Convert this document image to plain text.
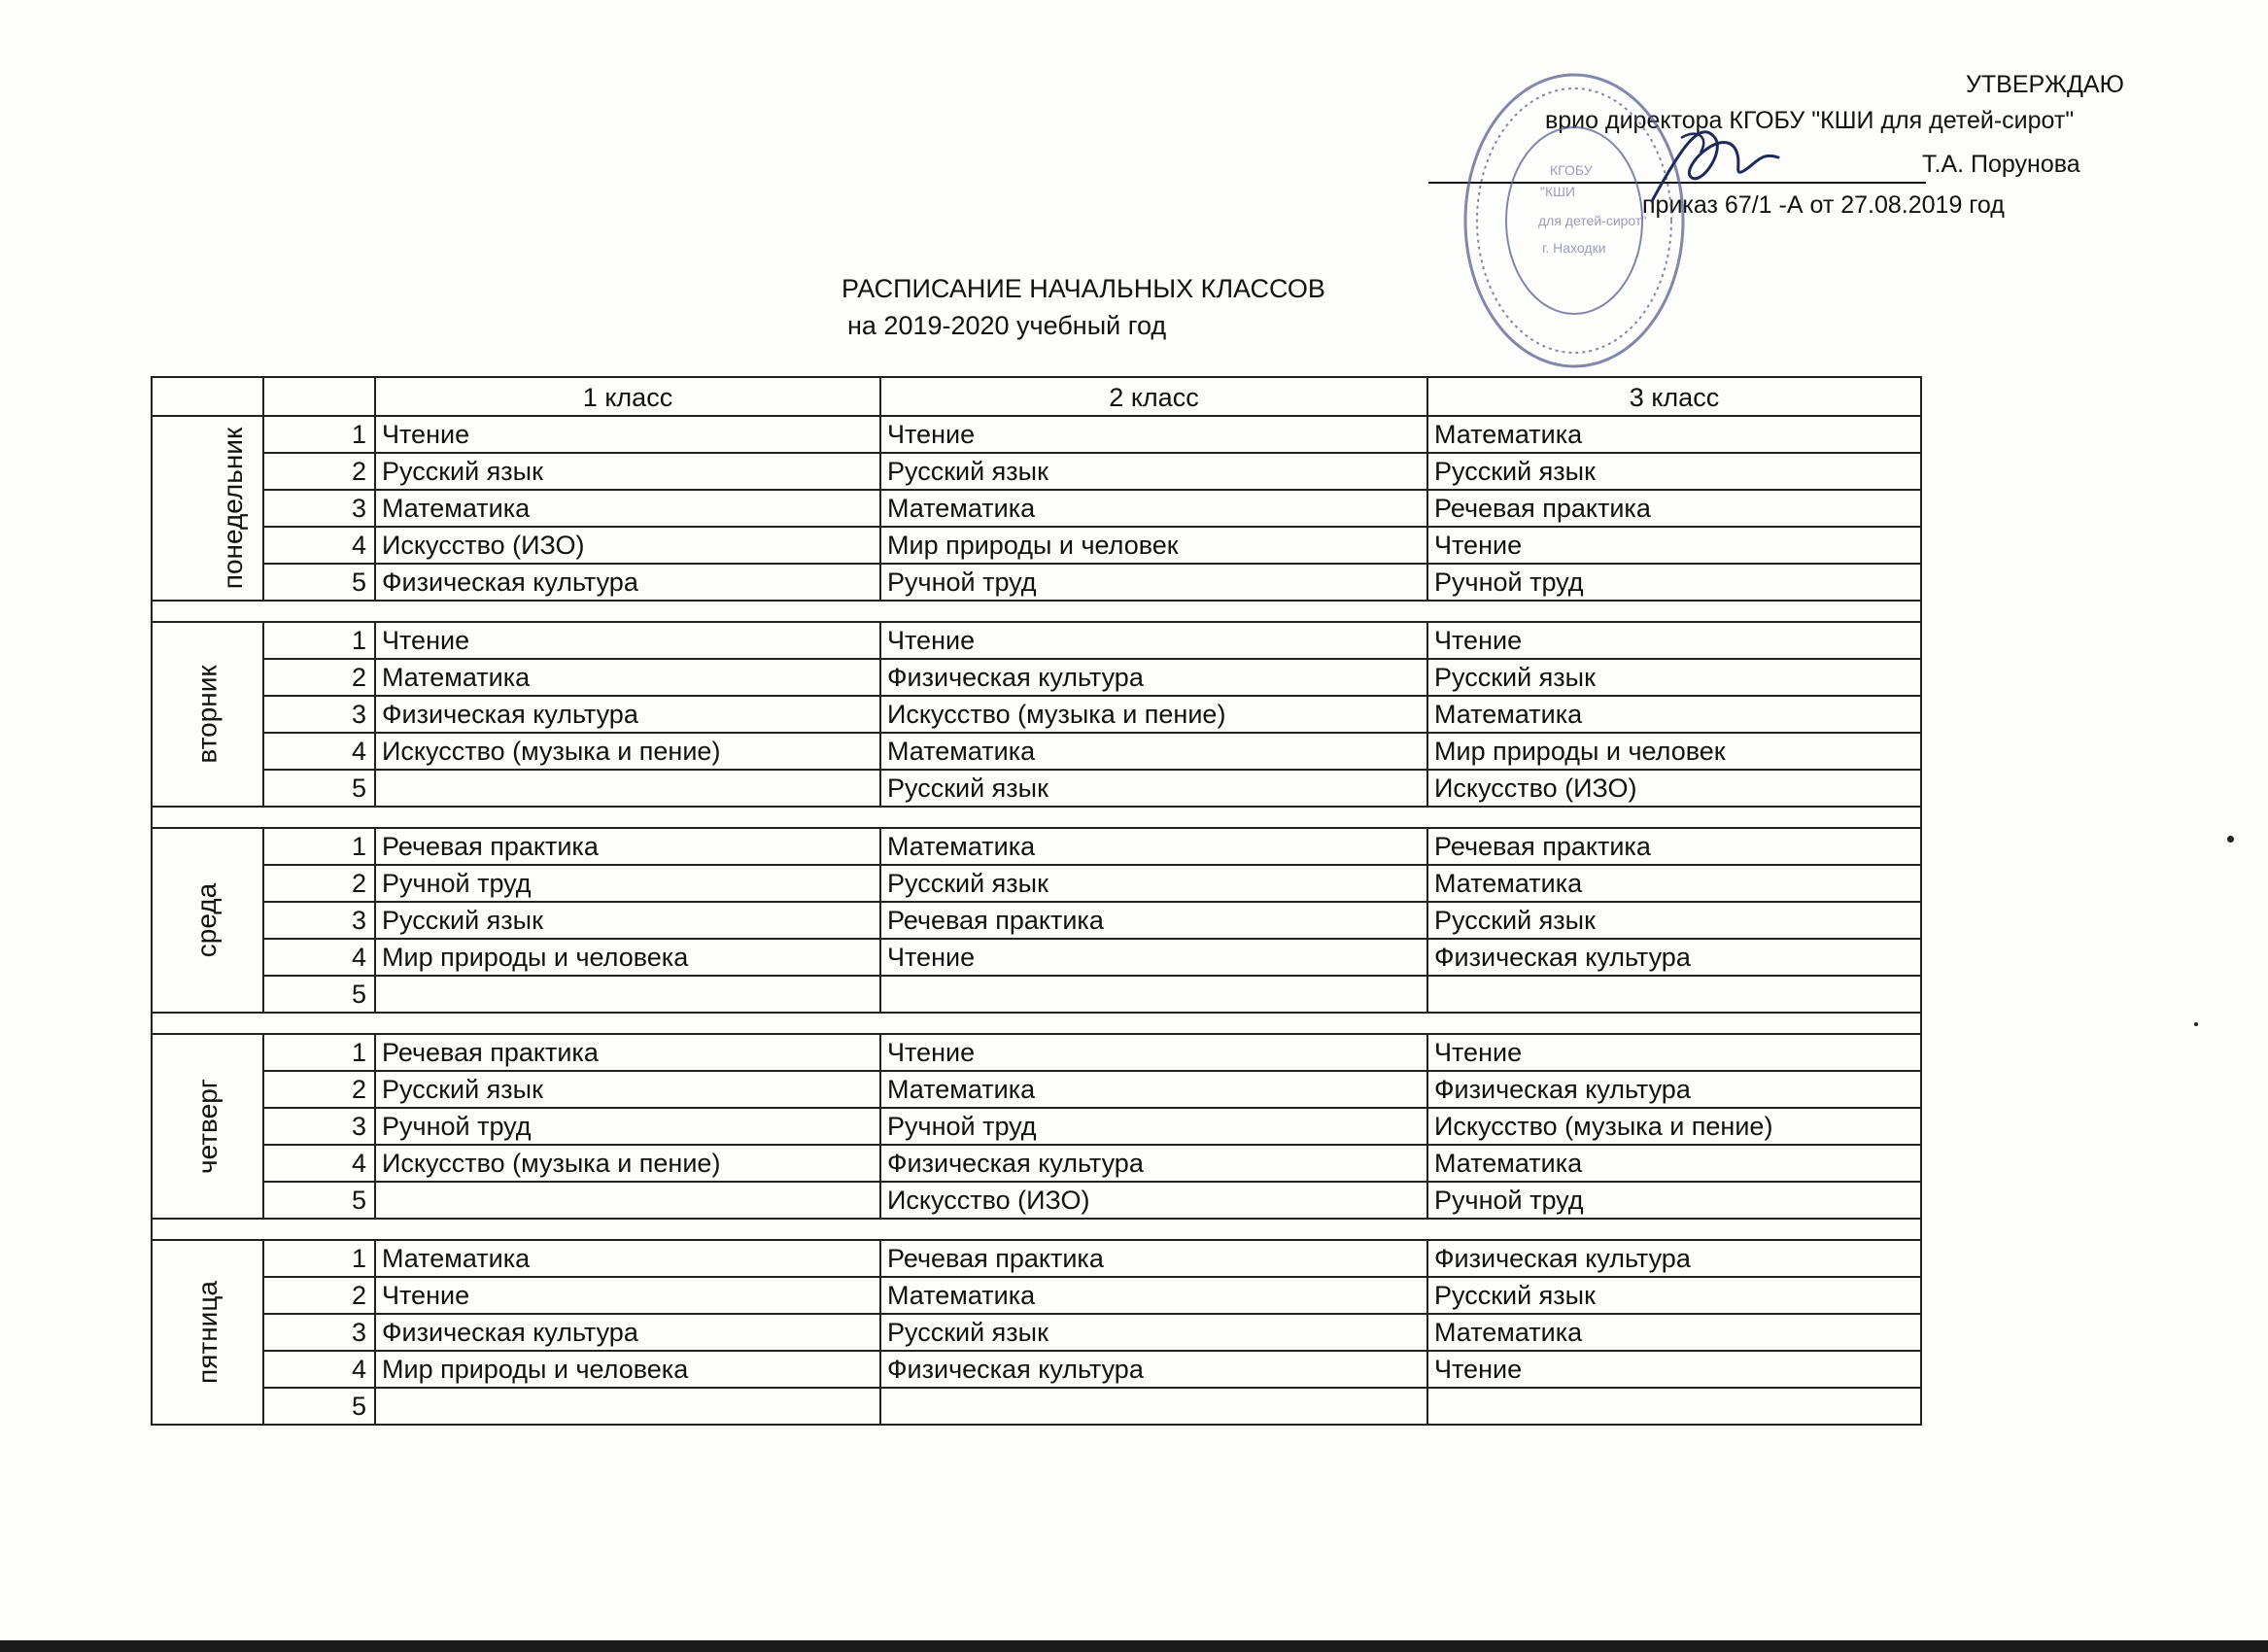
УТВЕРЖДАЮ
врио директора КГОБУ "КШИ для детей-сирот"
Т.А. Порунова
приказ 67/1 -А от 27.08.2019 год
КГОБУ
"КШИ
для детей-сирот"
г. Находки
РАСПИСАНИЕ НАЧАЛЬНЫХ КЛАССОВ
на 2019-2020 учебный год
		1 класс	2 класс	3 класс
понедельник	1	Чтение	Чтение	Математика
	2	Русский язык	Русский язык	Русский язык
	3	Математика	Математика	Речевая практика
	4	Искусство (ИЗО)	Мир природы и человек	Чтение
	5	Физическая культура	Ручной труд	Ручной труд

вторник	1	Чтение	Чтение	Чтение
	2	Математика	Физическая культура	Русский язык
	3	Физическая культура	Искусство (музыка и пение)	Математика
	4	Искусство (музыка и пение)	Математика	Мир природы и человек
	5		Русский язык	Искусство (ИЗО)

среда	1	Речевая практика	Математика	Речевая практика
	2	Ручной труд	Русский язык	Математика
	3	Русский язык	Речевая практика	Русский язык
	4	Мир природы и человека	Чтение	Физическая культура
	5			

четверг	1	Речевая практика	Чтение	Чтение
	2	Русский язык	Математика	Физическая культура
	3	Ручной труд	Ручной труд	Искусство (музыка и пение)
	4	Искусство (музыка и пение)	Физическая культура	Математика
	5		Искусство (ИЗО)	Ручной труд

пятница	1	Математика	Речевая практика	Физическая культура
	2	Чтение	Математика	Русский язык
	3	Физическая культура	Русский язык	Математика
	4	Мир природы и человека	Физическая культура	Чтение
	5			
